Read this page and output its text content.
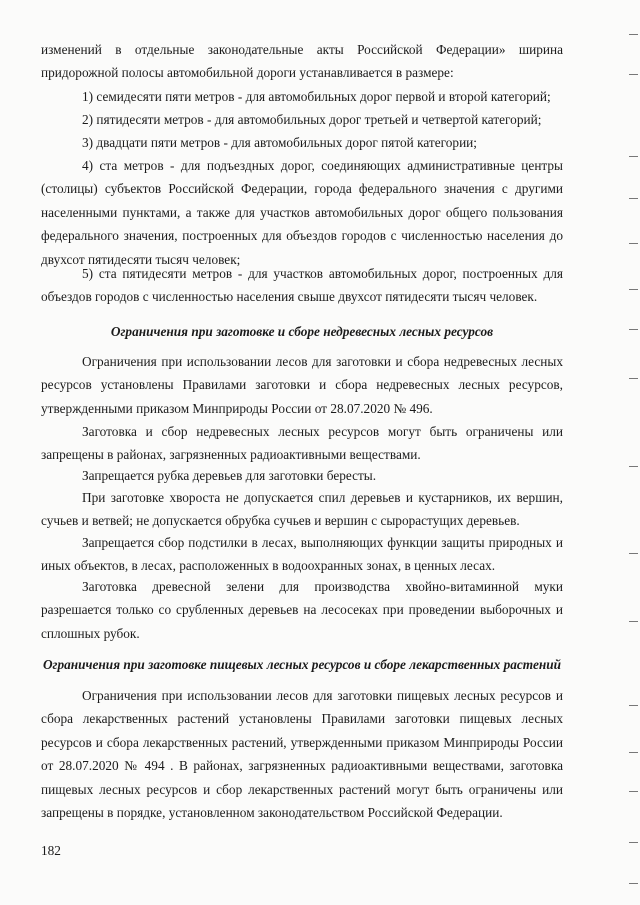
изменений в отдельные законодательные акты Российской Федерации» ширина придорожной полосы автомобильной дороги устанавливается в размере:
1) семидесяти пяти метров - для автомобильных дорог первой и второй категорий;
2) пятидесяти метров - для автомобильных дорог третьей и четвертой категорий;
3) двадцати пяти метров - для автомобильных дорог пятой категории;
4) ста метров - для подъездных дорог, соединяющих административные центры (столицы) субъектов Российской Федерации, города федерального значения с другими населенными пунктами, а также для участков автомобильных дорог общего пользования федерального значения, построенных для объездов городов с численностью населения до двухсот пятидесяти тысяч человек;
5) ста пятидесяти метров - для участков автомобильных дорог, построенных для объездов городов с численностью населения свыше двухсот пятидесяти тысяч человек.
Ограничения при заготовке и сборе недревесных лесных ресурсов
Ограничения при использовании лесов для заготовки и сбора недревесных лесных ресурсов установлены Правилами заготовки и сбора недревесных лесных ресурсов, утвержденными приказом Минприроды России от 28.07.2020 № 496.
Заготовка и сбор недревесных лесных ресурсов могут быть ограничены или запрещены в районах, загрязненных радиоактивными веществами.
Запрещается рубка деревьев для заготовки бересты.
При заготовке хвороста не допускается спил деревьев и кустарников, их вершин, сучьев и ветвей; не допускается обрубка сучьев и вершин с сырорастущих деревьев.
Запрещается сбор подстилки в лесах, выполняющих функции защиты природных и иных объектов, в лесах, расположенных в водоохранных зонах, в ценных лесах.
Заготовка древесной зелени для производства хвойно-витаминной муки разрешается только со срубленных деревьев на лесосеках при проведении выборочных и сплошных рубок.
Ограничения при заготовке пищевых лесных ресурсов и сборе лекарственных растений
Ограничения при использовании лесов для заготовки пищевых лесных ресурсов и сбора лекарственных растений установлены Правилами заготовки пищевых лесных ресурсов и сбора лекарственных растений, утвержденными приказом Минприроды России от 28.07.2020 № 494 . В районах, загрязненных радиоактивными веществами, заготовка пищевых лесных ресурсов и сбор лекарственных растений могут быть ограничены или запрещены в порядке, установленном законодательством Российской Федерации.
182
